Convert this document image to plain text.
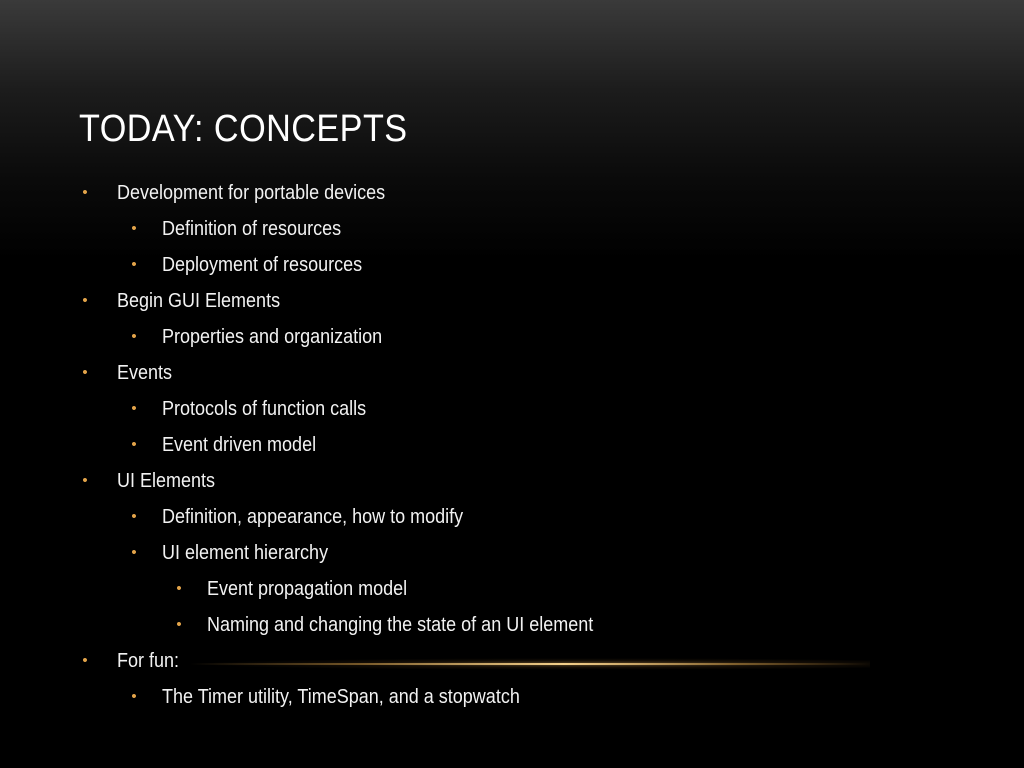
TODAY: CONCEPTS
• Development for portable devices
• Definition of resources
• Deployment of resources
• Begin GUI Elements
• Properties and organization
• Events
• Protocols of function calls
• Event driven model
• UI Elements
• Definition, appearance, how to modify
• UI element hierarchy
• Event propagation model
• Naming and changing the state of an UI element
• For fun:
• The Timer utility, TimeSpan, and a stopwatch
